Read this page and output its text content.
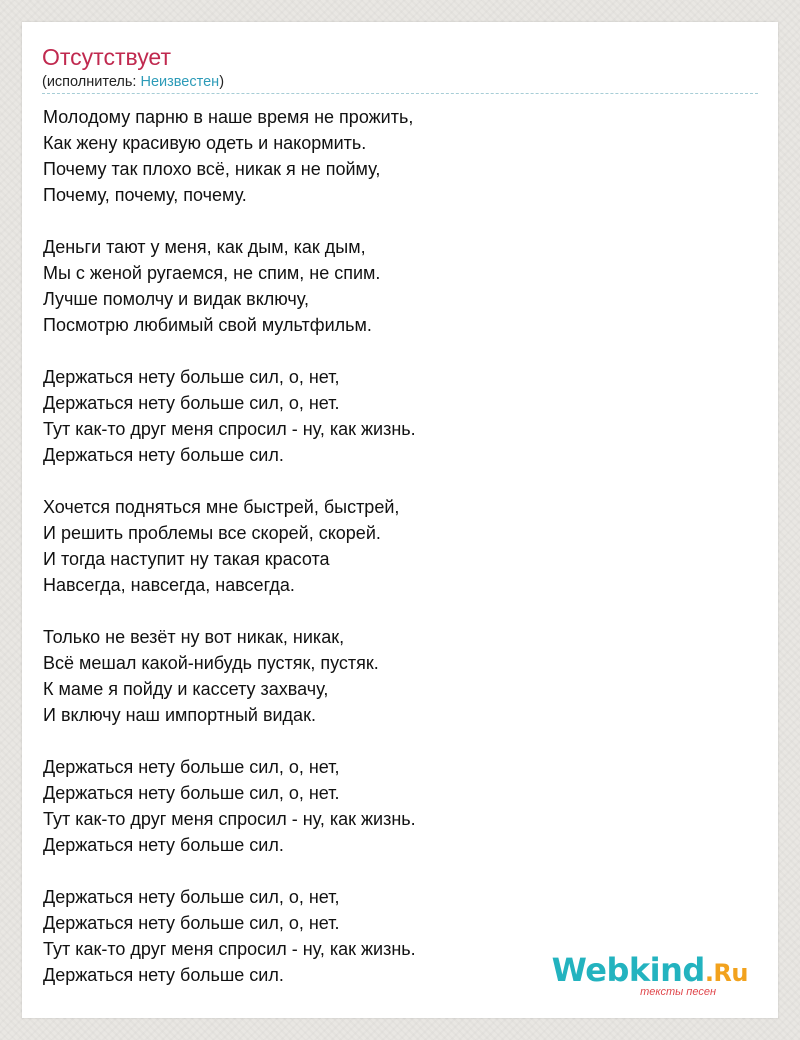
Отсутствует
(исполнитель: Неизвестен)
Молодому парню в наше время не прожить,
Как жену красивую одеть и накормить.
Почему так плохо всё, никак я не пойму,
Почему, почему, почему.
Деньги тают у меня, как дым, как дым,
Мы с женой ругаемся, не спим, не спим.
Лучше помолчу и видак включу,
Посмотрю любимый свой мультфильм.
Держаться нету больше сил, о, нет,
Держаться нету больше сил, о, нет.
Тут как-то друг меня спросил - ну, как жизнь.
Держаться нету больше сил.
Хочется подняться мне быстрей, быстрей,
И решить проблемы все скорей, скорей.
И тогда наступит ну такая красота
Навсегда, навсегда, навсегда.
Только не везёт ну вот никак, никак,
Всё мешал какой-нибудь пустяк, пустяк.
К маме я пойду и кассету захвачу,
И включу наш импортный видак.
Держаться нету больше сил, о, нет,
Держаться нету больше сил, о, нет.
Тут как-то друг меня спросил - ну, как жизнь.
Держаться нету больше сил.
Держаться нету больше сил, о, нет,
Держаться нету больше сил, о, нет.
Тут как-то друг меня спросил - ну, как жизнь.
Держаться нету больше сил.	Webkind.Ru
тексты песен
